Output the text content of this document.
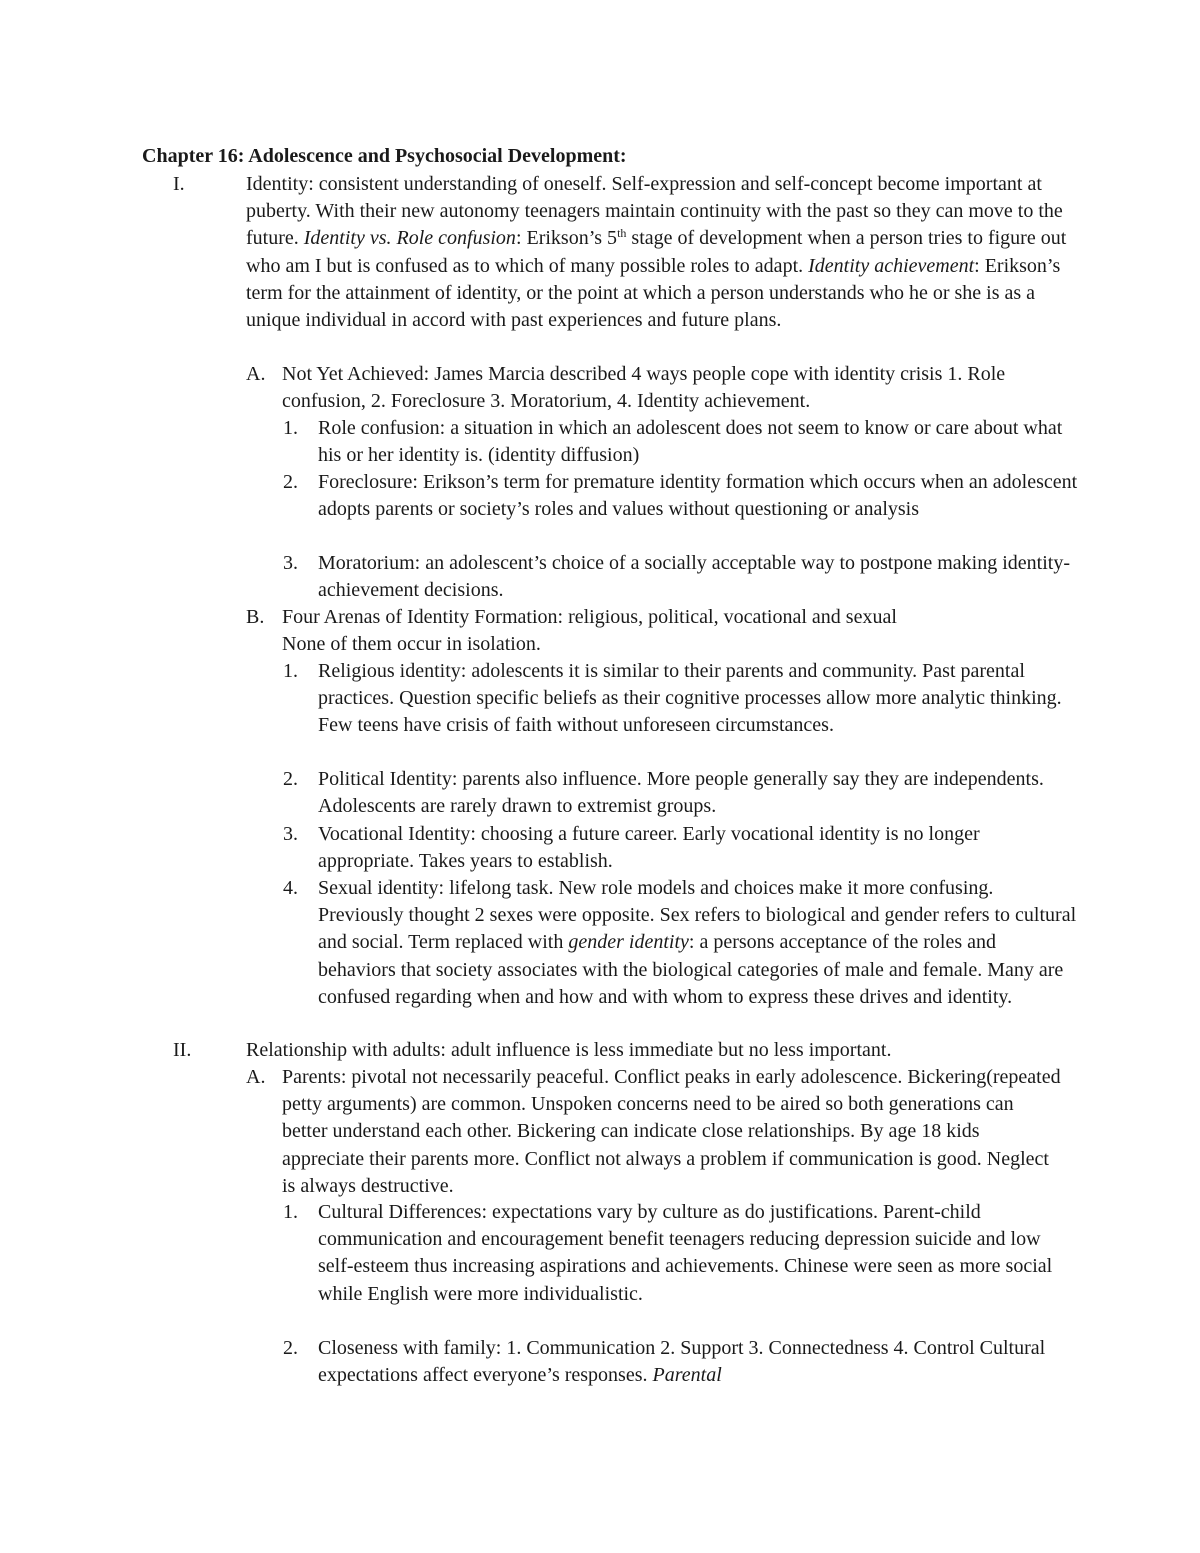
Chapter 16: Adolescence and Psychosocial Development:
I.	Identity: consistent understanding of oneself. Self-expression and self-concept become important at puberty. With their new autonomy teenagers maintain continuity with the past so they can move to the future. Identity vs. Role confusion: Erikson’s 5th stage of development when a person tries to figure out who am I but is confused as to which of many possible roles to adapt. Identity achievement: Erikson’s term for the attainment of identity, or the point at which a person understands who he or she is as a unique individual in accord with past experiences and future plans.
A. Not Yet Achieved: James Marcia described 4 ways people cope with identity crisis 1. Role confusion, 2. Foreclosure 3. Moratorium, 4. Identity achievement.
1. Role confusion: a situation in which an adolescent does not seem to know or care about what his or her identity is. (identity diffusion)
2. Foreclosure: Erikson’s term for premature identity formation which occurs when an adolescent adopts parents or society’s roles and values without questioning or analysis
3. Moratorium: an adolescent’s choice of a socially acceptable way to postpone making identity-achievement decisions.
B. Four Arenas of Identity Formation: religious, political, vocational and sexual
None of them occur in isolation.
1. Religious identity: adolescents it is similar to their parents and community. Past parental practices. Question specific beliefs as their cognitive processes allow more analytic thinking. Few teens have crisis of faith without unforeseen circumstances.
2. Political Identity: parents also influence. More people generally say they are independents. Adolescents are rarely drawn to extremist groups.
3. Vocational Identity: choosing a future career. Early vocational identity is no longer appropriate. Takes years to establish.
4. Sexual identity: lifelong task. New role models and choices make it more confusing. Previously thought 2 sexes were opposite. Sex refers to biological and gender refers to cultural and social. Term replaced with gender identity: a persons acceptance of the roles and behaviors that society associates with the biological categories of male and female. Many are confused regarding when and how and with whom to express these drives and identity.
II.	Relationship with adults: adult influence is less immediate but no less important.
A. Parents: pivotal not necessarily peaceful. Conflict peaks in early adolescence. Bickering(repeated petty arguments) are common. Unspoken concerns need to be aired so both generations can better understand each other. Bickering can indicate close relationships. By age 18 kids appreciate their parents more. Conflict not always a problem if communication is good. Neglect is always destructive.
1. Cultural Differences: expectations vary by culture as do justifications. Parent-child communication and encouragement benefit teenagers reducing depression suicide and low self-esteem thus increasing aspirations and achievements. Chinese were seen as more social while English were more individualistic.
2. Closeness with family: 1. Communication 2. Support 3. Connectedness 4. Control Cultural expectations affect everyone’s responses. Parental
